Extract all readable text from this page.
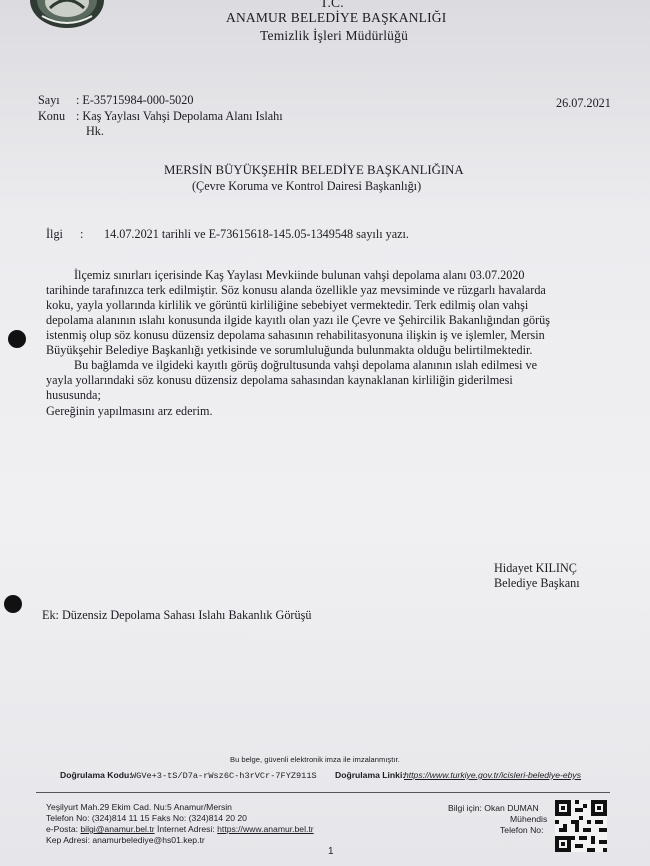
T.C.
ANAMUR BELEDİYE BAŞKANLIĞI
Temizlik İşleri Müdürlüğü
Sayı : E-35715984-000-5020	26.07.2021
Konu : Kaş Yaylası Vahşi Depolama Alanı Islahı
Hk.
MERSİN BÜYÜKŞEHİR BELEDİYE BAŞKANLIĞINA
(Çevre Koruma ve Kontrol Dairesi Başkanlığı)
İlgi : 14.07.2021 tarihli ve E-73615618-145.05-1349548 sayılı yazı.
İlçemiz sınırları içerisinde Kaş Yaylası Mevkiinde bulunan vahşi depolama alanı 03.07.2020
tarihinde tarafınızca terk edilmiştir. Söz konusu alanda özellikle yaz mevsiminde ve rüzgarlı havalarda
koku, yayla yollarında kirlilik ve görüntü kirliliğine sebebiyet vermektedir. Terk edilmiş olan vahşi
depolama alanının ıslahı konusunda ilgide kayıtlı olan yazı ile Çevre ve Şehircilik Bakanlığından görüş
istenmiş olup söz konusu düzensiz depolama sahasının rehabilitasyonuna ilişkin iş ve işlemler, Mersin
Büyükşehir Belediye Başkanlığı yetkisinde ve sorumluluğunda bulunmakta olduğu belirtilmektedir.
Bu bağlamda ve ilgideki kayıtlı görüş doğrultusunda vahşi depolama alanının ıslah edilmesi ve
yayla yollarındaki söz konusu düzensiz depolama sahasından kaynaklanan kirliliğin giderilmesi
hususunda;
Gereğinin yapılmasını arz ederim.
Hidayet KILINÇ
Belediye Başkanı
Ek: Düzensiz Depolama Sahası Islahı Bakanlık Görüşü
Bu belge, güvenli elektronik imza ile imzalanmıştır.
Doğrulama Kodu:
WGVe+3-tS/D7a-rWsz6C-h3rVCr-7FYZ911S Doğrulama Linki:
https://www.turkiye.gov.tr/icisleri-belediye-ebys
Yeşilyurt Mah.29 Ekim Cad. Nu:5 Anamur/Mersin
Telefon No: (324)814 11 15 Faks No: (324)814 20 20
e-Posta: bilgi@anamur.bel.tr İnternet Adresi: https://www.anamur.bel.tr
Kep Adresi: anamurbelediye@hs01.kep.tr
Bilgi için: Okan DUMAN
Mühendis
Telefon No:
1
